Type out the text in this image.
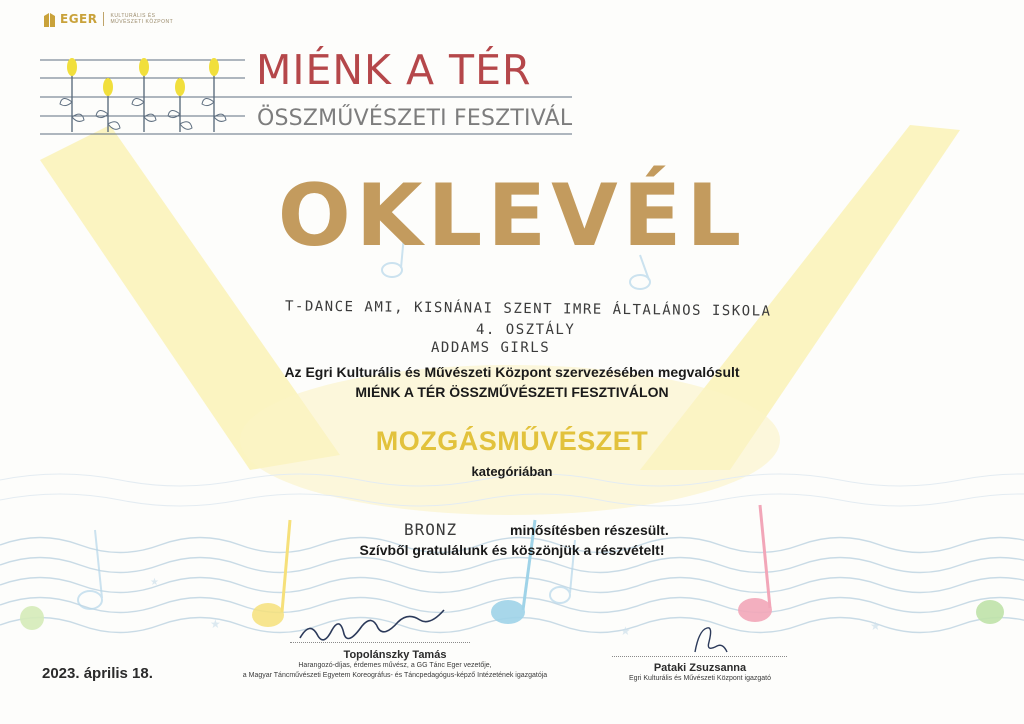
★	★	★
★
EGER	KULTURÁLIS ÉS MŰVÉSZETI KÖZPONT
MIÉNK A TÉR
ÖSSZMŰVÉSZETI FESZTIVÁL
OKLEVÉL
T-DANCE AMI, KISNÁNAI SZENT IMRE ÁLTALÁNOS ISKOLA
4. OSZTÁLY
ADDAMS GIRLS
Az Egri Kulturális és Művészeti Központ szervezésében megvalósult
MIÉNK A TÉR ÖSSZMŰVÉSZETI FESZTIVÁLON
MOZGÁSMŰVÉSZET
kategóriában
BRONZ	minősítésben részesült.
Szívből gratulálunk és köszönjük a részvételt!
2023. április 18.
Topolánszky Tamás
Harangozó-díjas, érdemes művész, a GG Tánc Eger vezetője,
a Magyar Táncművészeti Egyetem Koreográfus- és Táncpedagógus-képző Intézetének igazgatója
Pataki Zsuzsanna
Egri Kulturális és Művészeti Központ igazgató
